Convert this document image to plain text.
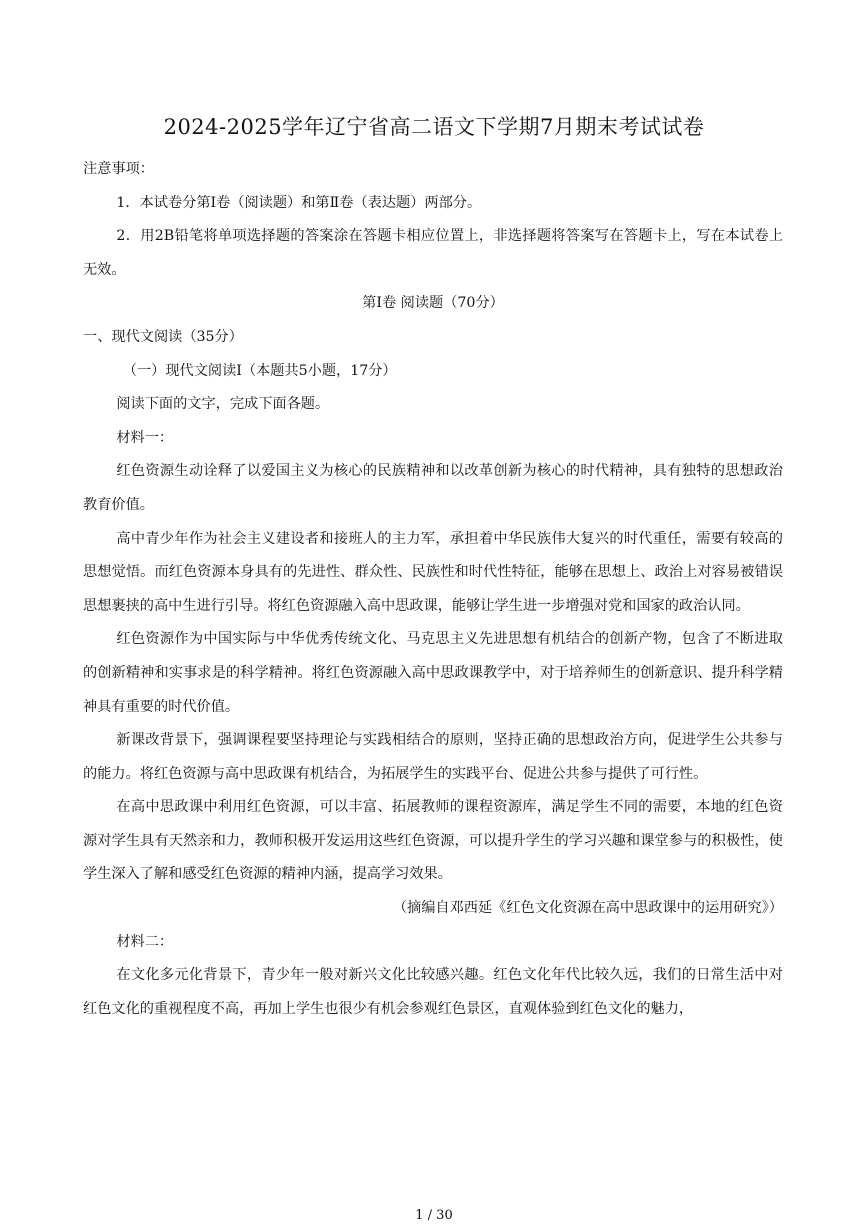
2024-2025学年辽宁省高二语文下学期7月期末考试试卷

注意事项：

1．本试卷分第Ⅰ卷（阅读题）和第Ⅱ卷（表达题）两部分。

2．用2B铅笔将单项选择题的答案涂在答题卡相应位置上，非选择题将答案写在答题卡上，写在本试卷上无效。

第Ⅰ卷 阅读题（70分）

一、现代文阅读（35分）

（一）现代文阅读Ⅰ（本题共5小题，17分）

阅读下面的文字，完成下面各题。

材料一：

红色资源生动诠释了以爱国主义为核心的民族精神和以改革创新为核心的时代精神，具有独特的思想政治教育价值。

高中青少年作为社会主义建设者和接班人的主力军，承担着中华民族伟大复兴的时代重任，需要有较高的思想觉悟。而红色资源本身具有的先进性、群众性、民族性和时代性特征，能够在思想上、政治上对容易被错误思想裹挟的高中生进行引导。将红色资源融入高中思政课，能够让学生进一步增强对党和国家的政治认同。

红色资源作为中国实际与中华优秀传统文化、马克思主义先进思想有机结合的创新产物，包含了不断进取的创新精神和实事求是的科学精神。将红色资源融入高中思政课教学中，对于培养师生的创新意识、提升科学精神具有重要的时代价值。

新课改背景下，强调课程要坚持理论与实践相结合的原则，坚持正确的思想政治方向，促进学生公共参与的能力。将红色资源与高中思政课有机结合，为拓展学生的实践平台、促进公共参与提供了可行性。

在高中思政课中利用红色资源，可以丰富、拓展教师的课程资源库，满足学生不同的需要，本地的红色资源对学生具有天然亲和力，教师积极开发运用这些红色资源，可以提升学生的学习兴趣和课堂参与的积极性，使学生深入了解和感受红色资源的精神内涵，提高学习效果。

（摘编自邓西延《红色文化资源在高中思政课中的运用研究》）

材料二：

在文化多元化背景下，青少年一般对新兴文化比较感兴趣。红色文化年代比较久远，我们的日常生活中对红色文化的重视程度不高，再加上学生也很少有机会参观红色景区，直观体验到红色文化的魅力，

1 / 30
